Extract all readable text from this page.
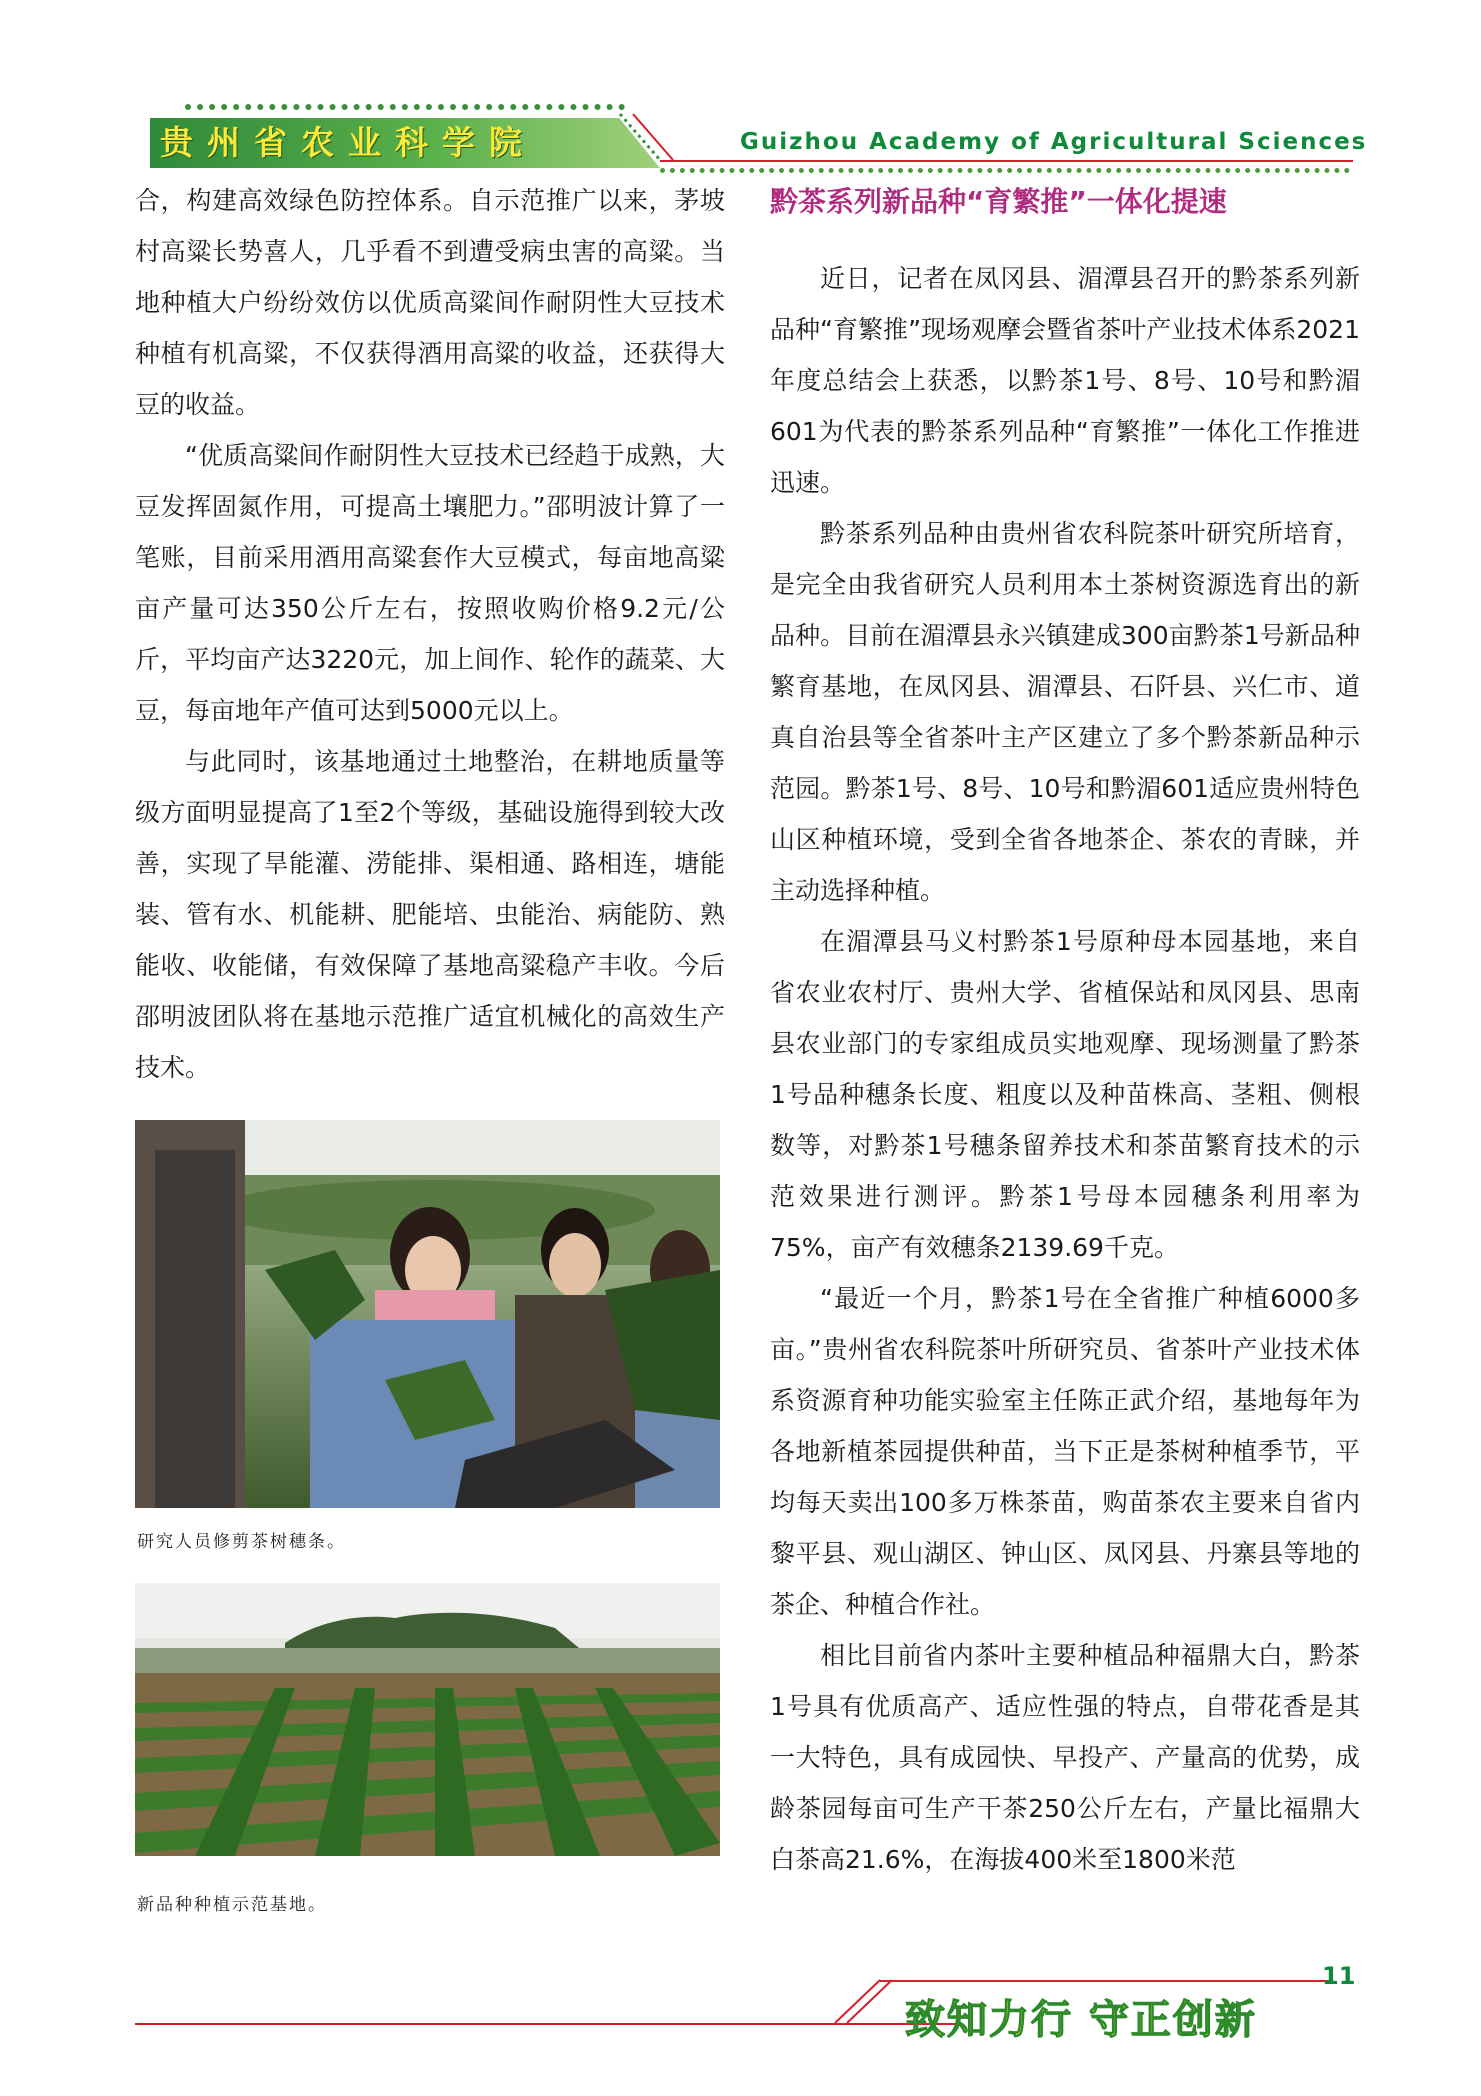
贵州省农业科学院	Guizhou Academy of Agricultural Sciences

合，构建高效绿色防控体系。自示范推广以来，茅坡村高粱长势喜人，几乎看不到遭受病虫害的高粱。当地种植大户纷纷效仿以优质高粱间作耐阴性大豆技术种植有机高粱，不仅获得酒用高粱的收益，还获得大豆的收益。

“优质高粱间作耐阴性大豆技术已经趋于成熟，大豆发挥固氮作用，可提高土壤肥力。”邵明波计算了一笔账，目前采用酒用高粱套作大豆模式，每亩地高粱亩产量可达350公斤左右，按照收购价格9.2元/公斤，平均亩产达3220元，加上间作、轮作的蔬菜、大豆，每亩地年产值可达到5000元以上。

与此同时，该基地通过土地整治，在耕地质量等级方面明显提高了1至2个等级，基础设施得到较大改善，实现了旱能灌、涝能排、渠相通、路相连，塘能装、管有水、机能耕、肥能培、虫能治、病能防、熟能收、收能储，有效保障了基地高粱稳产丰收。今后邵明波团队将在基地示范推广适宜机械化的高效生产技术。

研究人员修剪茶树穗条。
新品种种植示范基地。
黔茶系列新品种“育繁推”一体化提速

近日，记者在凤冈县、湄潭县召开的黔茶系列新品种“育繁推”现场观摩会暨省茶叶产业技术体系2021年度总结会上获悉，以黔茶1号、8号、10号和黔湄601为代表的黔茶系列品种“育繁推”一体化工作推进迅速。

黔茶系列品种由贵州省农科院茶叶研究所培育，是完全由我省研究人员利用本土茶树资源选育出的新品种。目前在湄潭县永兴镇建成300亩黔茶1号新品种繁育基地，在凤冈县、湄潭县、石阡县、兴仁市、道真自治县等全省茶叶主产区建立了多个黔茶新品种示范园。黔茶1号、8号、10号和黔湄601适应贵州特色山区种植环境，受到全省各地茶企、茶农的青睐，并主动选择种植。

在湄潭县马义村黔茶1号原种母本园基地，来自省农业农村厅、贵州大学、省植保站和凤冈县、思南县农业部门的专家组成员实地观摩、现场测量了黔茶1号品种穗条长度、粗度以及种苗株高、茎粗、侧根数等，对黔茶1号穗条留养技术和茶苗繁育技术的示范效果进行测评。黔茶1号母本园穗条利用率为75%，亩产有效穗条2139.69千克。

“最近一个月，黔茶1号在全省推广种植6000多亩。”贵州省农科院茶叶所研究员、省茶叶产业技术体系资源育种功能实验室主任陈正武介绍，基地每年为各地新植茶园提供种苗，当下正是茶树种植季节，平均每天卖出100多万株茶苗，购苗茶农主要来自省内黎平县、观山湖区、钟山区、凤冈县、丹寨县等地的茶企、种植合作社。

相比目前省内茶叶主要种植品种福鼎大白，黔茶1号具有优质高产、适应性强的特点，自带花香是其一大特色，具有成园快、早投产、产量高的优势，成龄茶园每亩可生产干茶250公斤左右，产量比福鼎大白茶高21.6%，在海拔400米至1800米范

11
致知力行 守正创新
